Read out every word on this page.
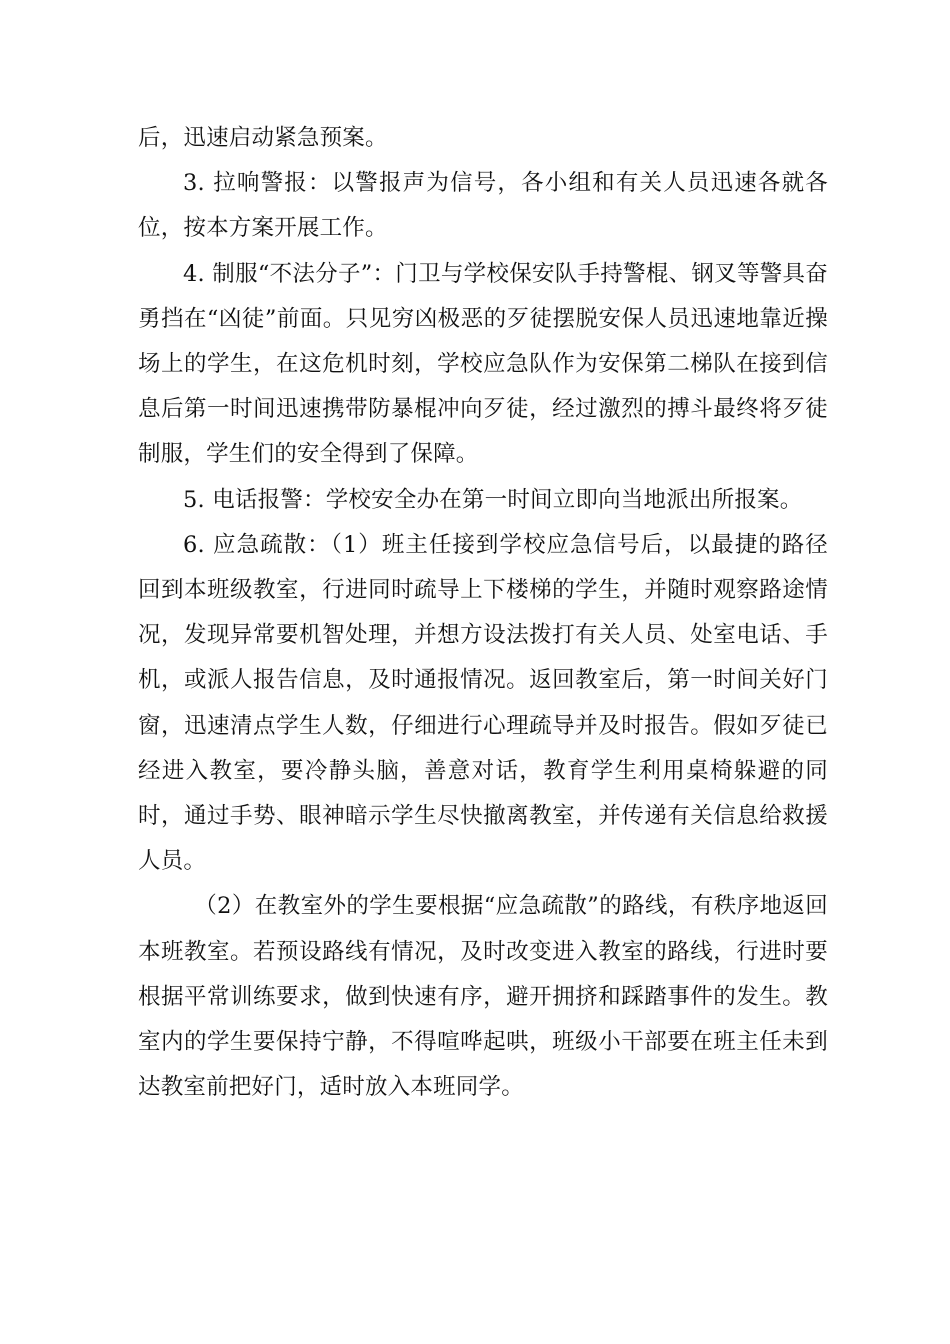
后，迅速启动紧急预案。

3. 拉响警报：以警报声为信号，各小组和有关人员迅速各就各位，按本方案开展工作。

4. 制服“不法分子”：门卫与学校保安队手持警棍、钢叉等警具奋勇挡在“凶徒”前面。只见穷凶极恶的歹徒摆脱安保人员迅速地靠近操场上的学生，在这危机时刻，学校应急队作为安保第二梯队在接到信息后第一时间迅速携带防暴棍冲向歹徒，经过激烈的搏斗最终将歹徒制服，学生们的安全得到了保障。

5. 电话报警：学校安全办在第一时间立即向当地派出所报案。

6. 应急疏散：（1）班主任接到学校应急信号后，以最捷的路径回到本班级教室，行进同时疏导上下楼梯的学生，并随时观察路途情况，发现异常要机智处理，并想方设法拨打有关人员、处室电话、手机，或派人报告信息，及时通报情况。返回教室后，第一时间关好门窗，迅速清点学生人数，仔细进行心理疏导并及时报告。假如歹徒已经进入教室，要冷静头脑，善意对话，教育学生利用桌椅躲避的同时，通过手势、眼神暗示学生尽快撤离教室，并传递有关信息给救援人员。

（2）在教室外的学生要根据“应急疏散”的路线，有秩序地返回本班教室。若预设路线有情况，及时改变进入教室的路线，行进时要根据平常训练要求，做到快速有序，避开拥挤和踩踏事件的发生。教室内的学生要保持宁静，不得喧哗起哄，班级小干部要在班主任未到达教室前把好门，适时放入本班同学。
